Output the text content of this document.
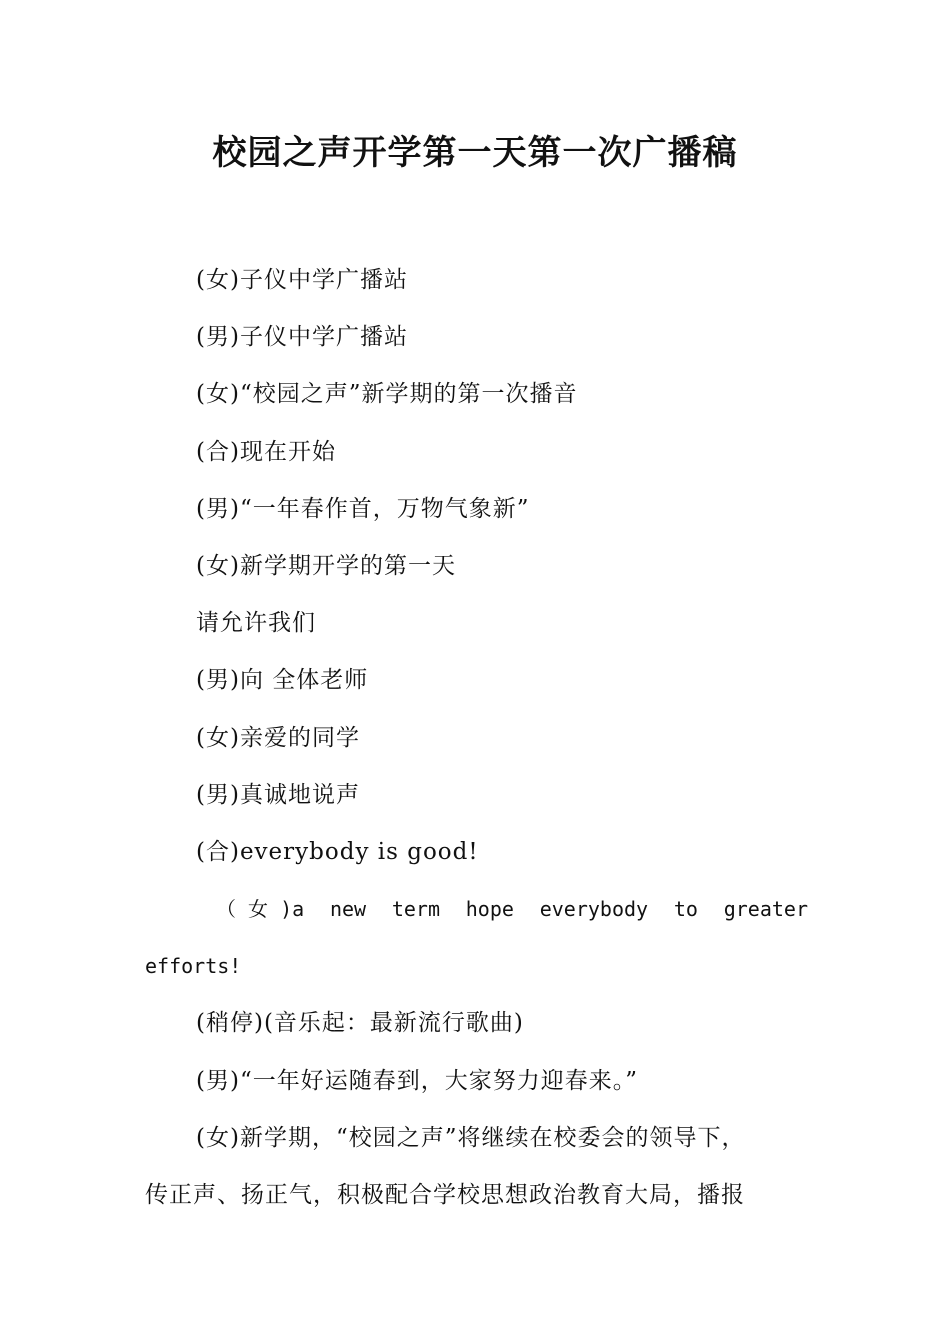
校园之声开学第一天第一次广播稿

(女)子仪中学广播站

(男)子仪中学广播站

(女)“校园之声”新学期的第一次播音

(合)现在开始

(男)“一年春作首，万物气象新”

(女)新学期开学的第一天

请允许我们

(男)向 全体老师

(女)亲爱的同学

(男)真诚地说声

(合)everybody is good!

（ 女 )a new term hope everybody to greater

efforts!

(稍停)(音乐起：最新流行歌曲)

(男)“一年好运随春到，大家努力迎春来。”

(女)新学期，“校园之声”将继续在校委会的领导下，

传正声、扬正气，积极配合学校思想政治教育大局，播报
